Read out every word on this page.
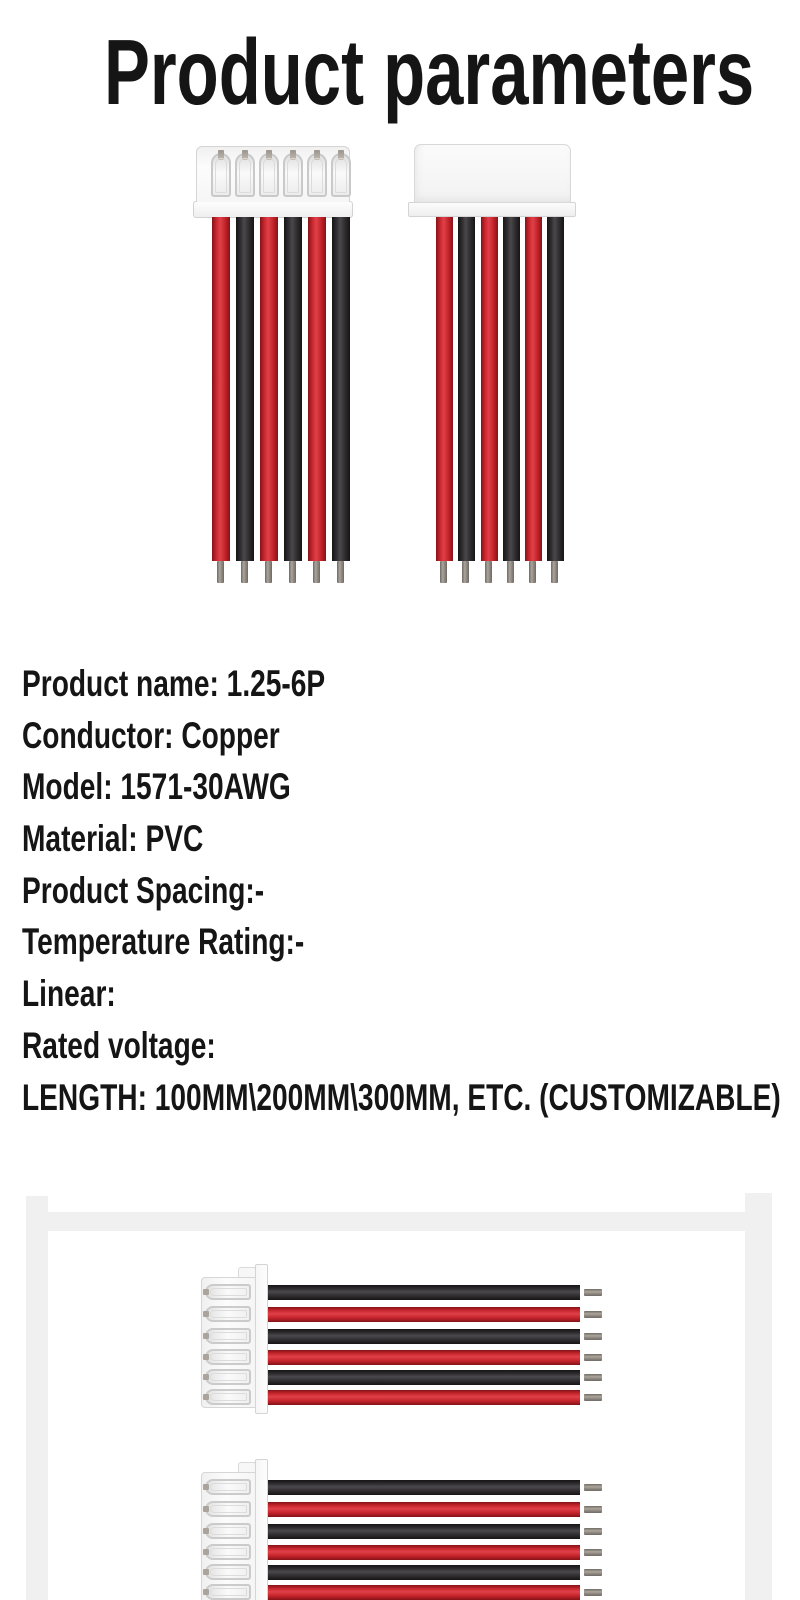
Product parameters
Product name: 1.25-6P
Conductor: Copper
Model: 1571-30AWG
Material: PVC
Product Spacing:-
Temperature Rating:-
Linear:
Rated voltage:
LENGTH: 100MM\200MM\300MM, ETC. (CUSTOMIZABLE)
